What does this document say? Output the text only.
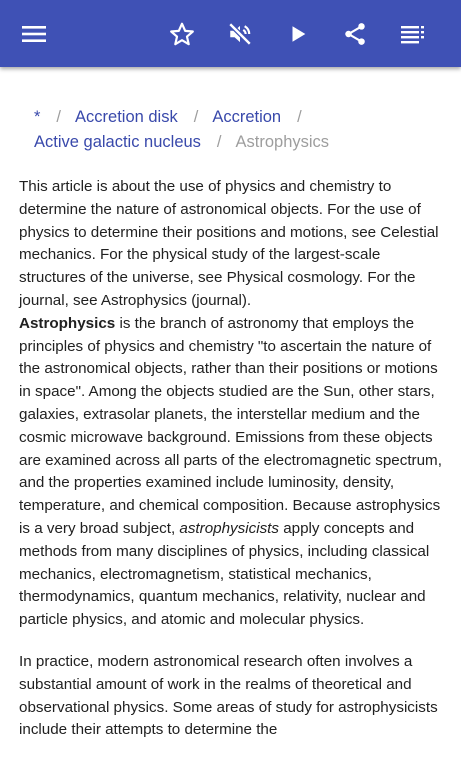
* / Accretion disk / Accretion /
Active galactic nucleus / Astrophysics

This article is about the use of physics and chemistry to determine the nature of astronomical objects. For the use of physics to determine their positions and motions, see Celestial mechanics. For the physical study of the largest-scale structures of the universe, see Physical cosmology. For the journal, see Astrophysics (journal).
Astrophysics is the branch of astronomy that employs the principles of physics and chemistry "to ascertain the nature of the astronomical objects, rather than their positions or motions in space". Among the objects studied are the Sun, other stars, galaxies, extrasolar planets, the interstellar medium and the cosmic microwave background. Emissions from these objects are examined across all parts of the electromagnetic spectrum, and the properties examined include luminosity, density, temperature, and chemical composition. Because astrophysics is a very broad subject, astrophysicists apply concepts and methods from many disciplines of physics, including classical mechanics, electromagnetism, statistical mechanics, thermodynamics, quantum mechanics, relativity, nuclear and particle physics, and atomic and molecular physics.

In practice, modern astronomical research often involves a substantial amount of work in the realms of theoretical and observational physics. Some areas of study for astrophysicists include their attempts to determine the
